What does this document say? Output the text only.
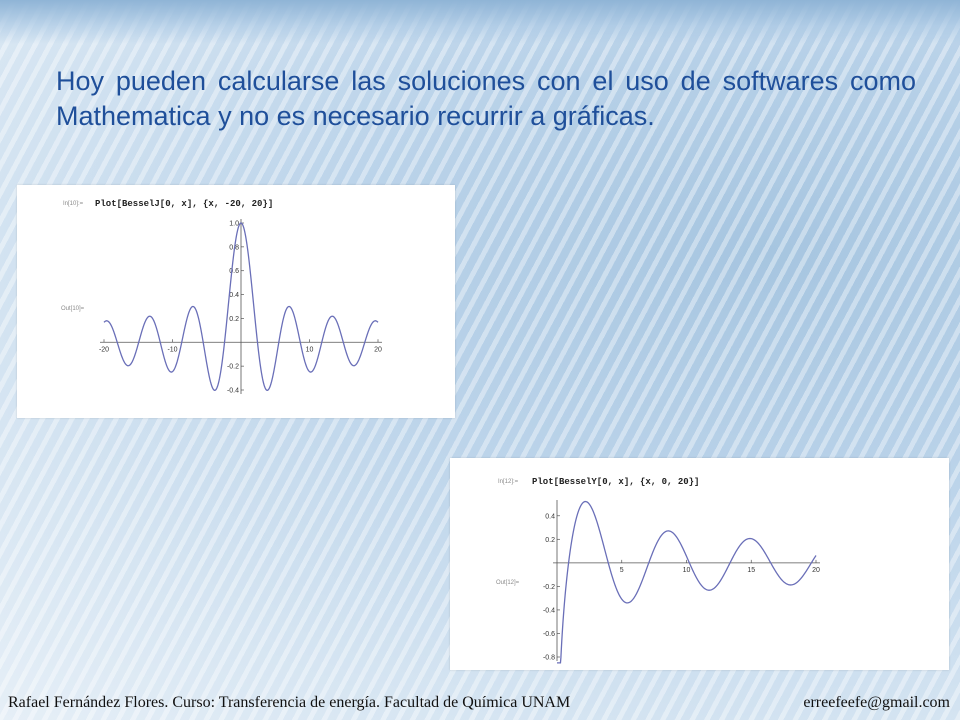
Hoy pueden calcularse las soluciones con el uso de softwares como Mathematica y no es necesario recurrir a gráficas.

In[10]:= Plot[BesselJ[0, x], {x, -20, 20}]
Out[10]=
-20	-10	10	20
1.0
0.8
0.6
0.4
0.2
-0.2
-0.4
In[12]:= Plot[BesselY[0, x], {x, 0, 20}]
Out[12]=
5	10	15	20
0.4
0.2
-0.2
-0.4
-0.6
-0.8
Rafael Fernández Flores. Curso: Transferencia de energía. Facultad de Química UNAM	erreefeefe@gmail.com
